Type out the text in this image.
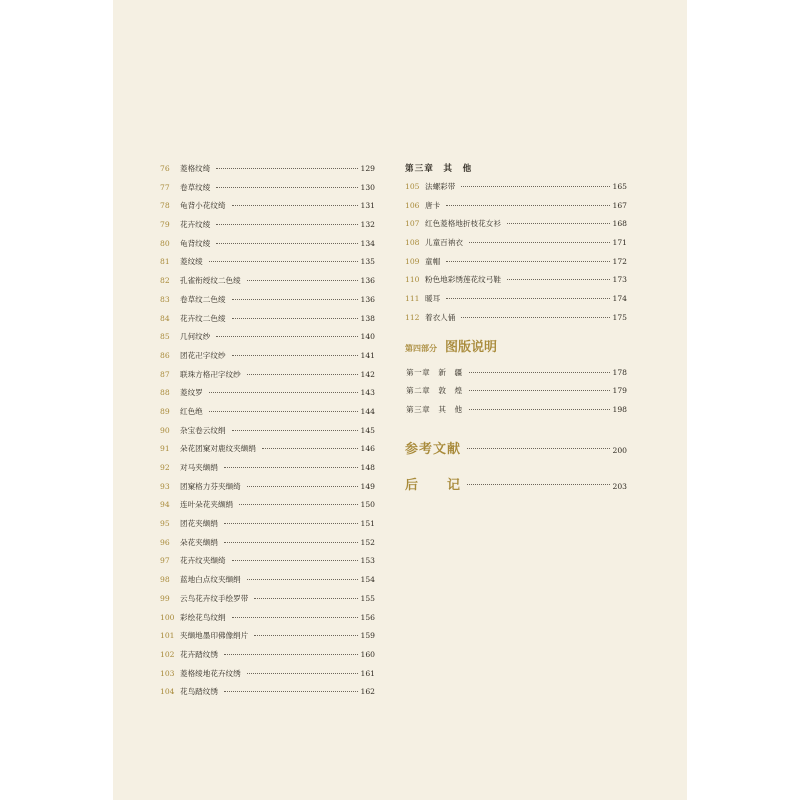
76	菱格纹绮	129
77	卷草纹绫	130
78	龟背小花纹绮	131
79	花卉纹绫	132
80	龟背纹绫	134
81	菱纹绫	135
82	孔雀衔绶纹二色绫	136
83	卷草纹二色绫	136
84	花卉纹二色绫	138
85	几何纹纱	140
86	团花卍字纹纱	141
87	联珠方格卍字纹纱	142
88	菱纹罗	143
89	红色绝	144
90	杂宝卷云纹绢	145
91	朵花团窠对鹿纹夹缬绢	146
92	对马夹缬绢	148
93	团窠格力芬夹缬绮	149
94	连叶朵花夹缬绢	150
95	团花夹缬绢	151
96	朵花夹缬绢	152
97	花卉纹夹缬绮	153
98	蓝地白点纹夹缬绢	154
99	云鸟花卉纹手绘罗带	155
100 彩绘花鸟纹绢	156
101 夹缬地墨印佛像绢片	159
102 花卉踏纹绣	160
103 菱格绫地花卉纹绣	161
104 花鸟踏纹绣	162
第三章　其　他
105 法螺彩带	165
106 唐卡	167
107 红色菱格地折枝花女衫	168
108 儿童百衲衣	171
109 童帽	172
110 粉色地彩绣莲花纹弓鞋	173
111 暖耳	174
112 着衣人俑	175
第四部分 图版说明
第一章　新　疆	178
第二章　敦　煌	179
第三章　其　他	198
参考文献	200
后　　记	203
